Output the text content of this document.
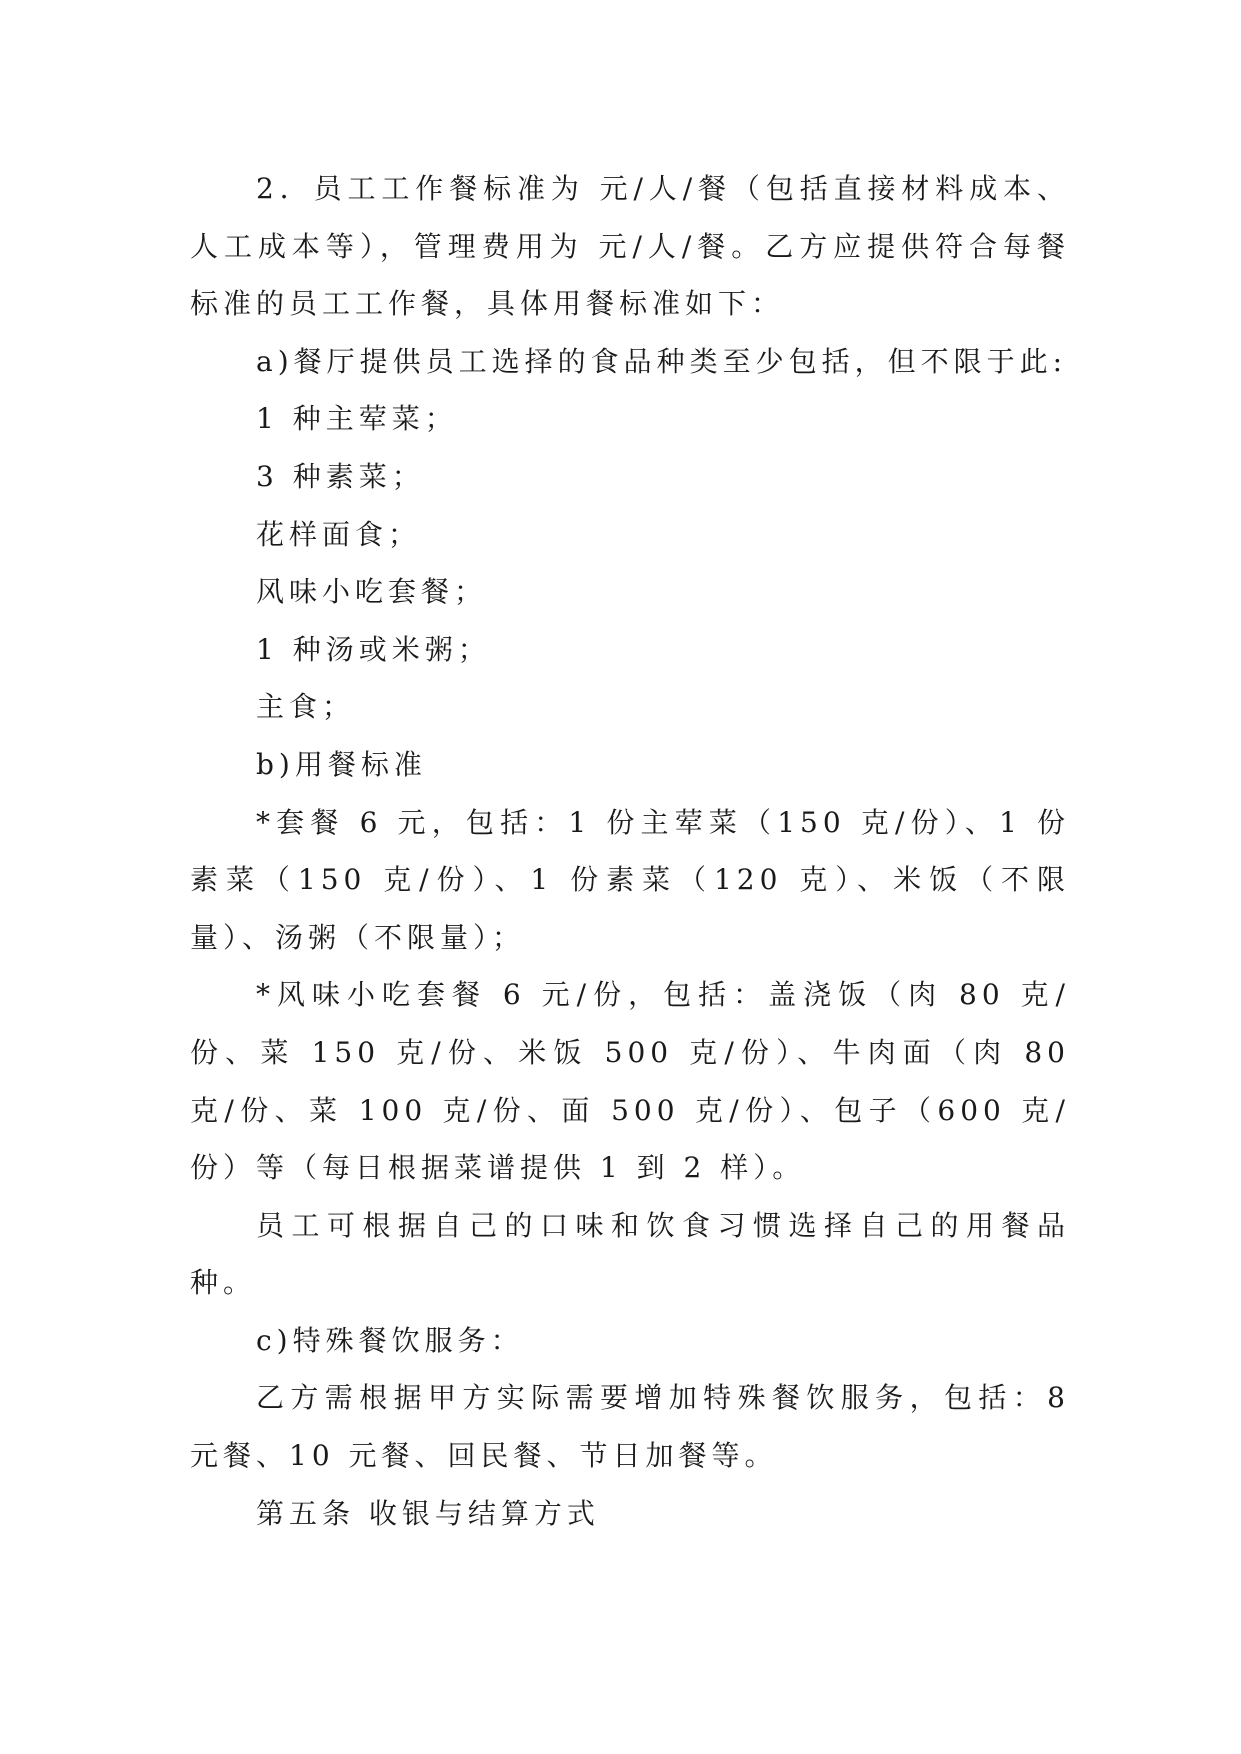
2．员工工作餐标准为 元/人/餐（包括直接材料成本、人工成本等），管理费用为 元/人/餐。乙方应提供符合每餐标准的员工工作餐，具体用餐标准如下：

a)餐厅提供员工选择的食品种类至少包括，但不限于此:

1 种主荤菜；

3 种素菜；

花样面食；

风味小吃套餐；

1 种汤或米粥；

主食；

b)用餐标准

*套餐 6 元，包括：1 份主荤菜（150 克/份）、1 份素菜（150 克/份）、1 份素菜（120 克）、米饭（不限量）、汤粥（不限量）；

*风味小吃套餐 6 元/份，包括：盖浇饭（肉 80 克/份、菜 150 克/份、米饭 500 克/份）、牛肉面（肉 80 克/份、菜 100 克/份、面 500 克/份）、包子（600 克/份）等（每日根据菜谱提供 1 到 2 样）。

员工可根据自己的口味和饮食习惯选择自己的用餐品种。

c)特殊餐饮服务：

乙方需根据甲方实际需要增加特殊餐饮服务，包括：8 元餐、10 元餐、回民餐、节日加餐等。

第五条 收银与结算方式
